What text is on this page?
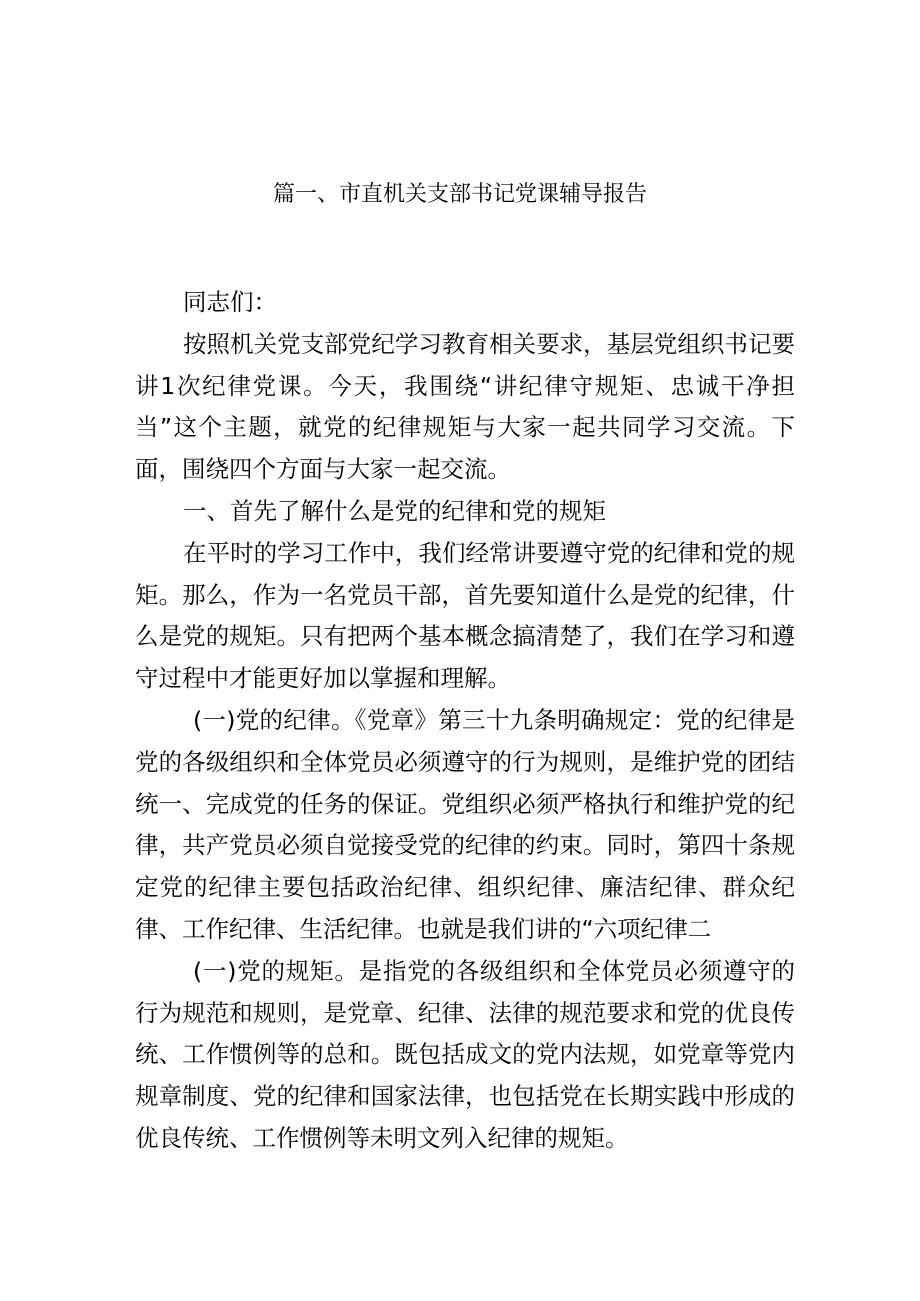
篇一、市直机关支部书记党课辅导报告

同志们：

按照机关党支部党纪学习教育相关要求，基层党组织书记要讲1次纪律党课。今天，我围绕“讲纪律守规矩、忠诚干净担当”这个主题，就党的纪律规矩与大家一起共同学习交流。下面，围绕四个方面与大家一起交流。

一、首先了解什么是党的纪律和党的规矩

在平时的学习工作中，我们经常讲要遵守党的纪律和党的规矩。那么，作为一名党员干部，首先要知道什么是党的纪律，什么是党的规矩。只有把两个基本概念搞清楚了，我们在学习和遵守过程中才能更好加以掌握和理解。

(一)党的纪律。《党章》第三十九条明确规定：党的纪律是党的各级组织和全体党员必须遵守的行为规则，是维护党的团结统一、完成党的任务的保证。党组织必须严格执行和维护党的纪律，共产党员必须自觉接受党的纪律的约束。同时，第四十条规定党的纪律主要包括政治纪律、组织纪律、廉洁纪律、群众纪律、工作纪律、生活纪律。也就是我们讲的“六项纪律二

(一)党的规矩。是指党的各级组织和全体党员必须遵守的行为规范和规则，是党章、纪律、法律的规范要求和党的优良传统、工作惯例等的总和。既包括成文的党内法规，如党章等党内规章制度、党的纪律和国家法律，也包括党在长期实践中形成的优良传统、工作惯例等未明文列入纪律的规矩。
